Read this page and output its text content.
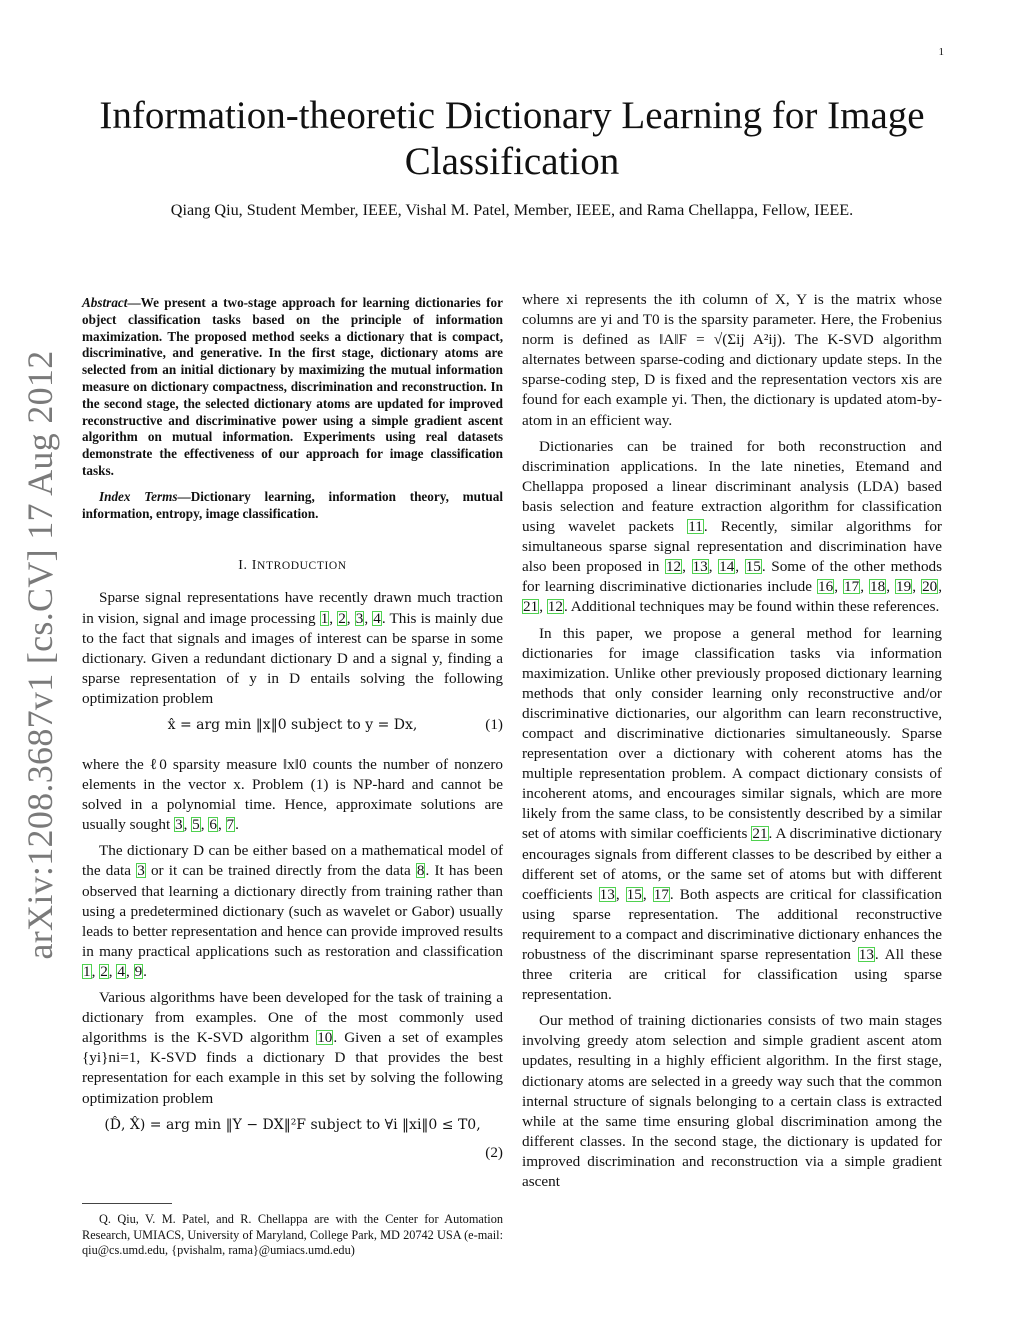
1
arXiv:1208.3687v1 [cs.CV] 17 Aug 2012
Information-theoretic Dictionary Learning for Image Classification
Qiang Qiu, Student Member, IEEE, Vishal M. Patel, Member, IEEE, and Rama Chellappa, Fellow, IEEE.
Abstract—We present a two-stage approach for learning dictionaries for object classification tasks based on the principle of information maximization. The proposed method seeks a dictionary that is compact, discriminative, and generative. In the first stage, dictionary atoms are selected from an initial dictionary by maximizing the mutual information measure on dictionary compactness, discrimination and reconstruction. In the second stage, the selected dictionary atoms are updated for improved reconstructive and discriminative power using a simple gradient ascent algorithm on mutual information. Experiments using real datasets demonstrate the effectiveness of our approach for image classification tasks.
Index Terms—Dictionary learning, information theory, mutual information, entropy, image classification.
I. INTRODUCTION

Sparse signal representations have recently drawn much traction in vision, signal and image processing 1, 2, 3, 4. This is mainly due to the fact that signals and images of interest can be sparse in some dictionary. Given a redundant dictionary D and a signal y, finding a sparse representation of y in D entails solving the following optimization problem

x̂ = arg min ‖x‖0 subject to y = Dx,	(1)

where the ℓ0 sparsity measure ‖x‖0 counts the number of nonzero elements in the vector x. Problem (1) is NP-hard and cannot be solved in a polynomial time. Hence, approximate solutions are usually sought 3, 5, 6, 7.

The dictionary D can be either based on a mathematical model of the data 3 or it can be trained directly from the data 8. It has been observed that learning a dictionary directly from training rather than using a predetermined dictionary (such as wavelet or Gabor) usually leads to better representation and hence can provide improved results in many practical applications such as restoration and classification 1, 2, 4, 9.

Various algorithms have been developed for the task of training a dictionary from examples. One of the most commonly used algorithms is the K-SVD algorithm 10. Given a set of examples {yi}ni=1, K-SVD finds a dictionary D that provides the best representation for each example in this set by solving the following optimization problem

(D̂, X̂) = arg min ‖Y − DX‖²F subject to ∀i ‖xi‖0 ≤ T0,
(2)
Q. Qiu, V. M. Patel, and R. Chellappa are with the Center for Automation Research, UMIACS, University of Maryland, College Park, MD 20742 USA (e-mail: qiu@cs.umd.edu, {pvishalm, rama}@umiacs.umd.edu)

where xi represents the ith column of X, Y is the matrix whose columns are yi and T0 is the sparsity parameter. Here, the Frobenius norm is defined as ‖A‖F = √(Σij A²ij). The K-SVD algorithm alternates between sparse-coding and dictionary update steps. In the sparse-coding step, D is fixed and the representation vectors xis are found for each example yi. Then, the dictionary is updated atom-by-atom in an efficient way.

Dictionaries can be trained for both reconstruction and discrimination applications. In the late nineties, Etemand and Chellappa proposed a linear discriminant analysis (LDA) based basis selection and feature extraction algorithm for classification using wavelet packets 11. Recently, similar algorithms for simultaneous sparse signal representation and discrimination have also been proposed in 12, 13, 14, 15. Some of the other methods for learning discriminative dictionaries include 16, 17, 18, 19, 20, 21, 12. Additional techniques may be found within these references.

In this paper, we propose a general method for learning dictionaries for image classification tasks via information maximization. Unlike other previously proposed dictionary learning methods that only consider learning only reconstructive and/or discriminative dictionaries, our algorithm can learn reconstructive, compact and discriminative dictionaries simultaneously. Sparse representation over a dictionary with coherent atoms has the multiple representation problem. A compact dictionary consists of incoherent atoms, and encourages similar signals, which are more likely from the same class, to be consistently described by a similar set of atoms with similar coefficients 21. A discriminative dictionary encourages signals from different classes to be described by either a different set of atoms, or the same set of atoms but with different coefficients 13, 15, 17. Both aspects are critical for classification using sparse representation. The additional reconstructive requirement to a compact and discriminative dictionary enhances the robustness of the discriminant sparse representation 13. All these three criteria are critical for classification using sparse representation.

Our method of training dictionaries consists of two main stages involving greedy atom selection and simple gradient ascent atom updates, resulting in a highly efficient algorithm. In the first stage, dictionary atoms are selected in a greedy way such that the common internal structure of signals belonging to a certain class is extracted while at the same time ensuring global discrimination among the different classes. In the second stage, the dictionary is updated for improved discrimination and reconstruction via a simple gradient ascent
